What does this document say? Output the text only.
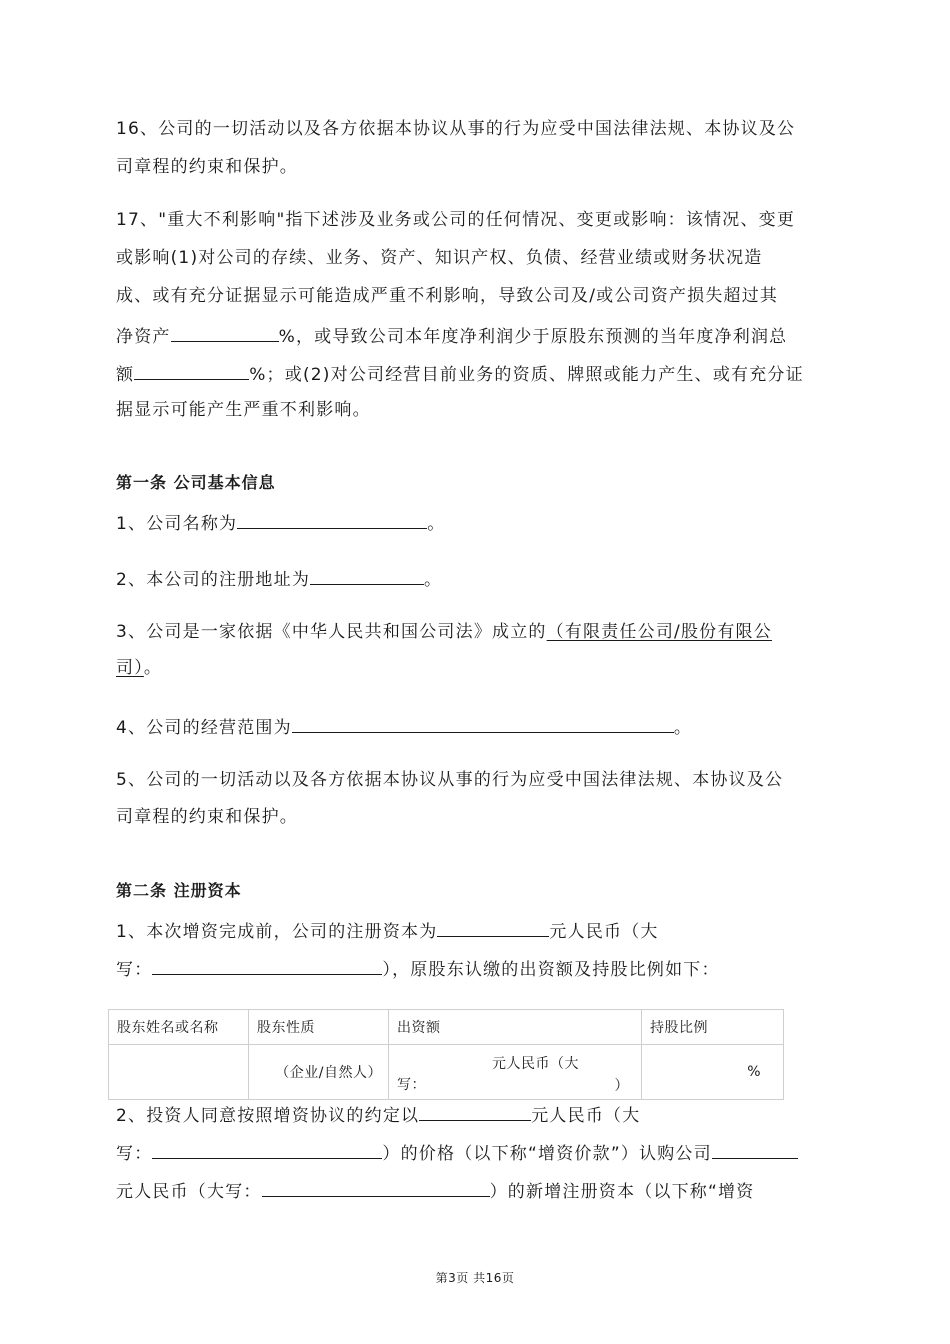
16、公司的一切活动以及各方依据本协议从事的行为应受中国法律法规、本协议及公
司章程的约束和保护。
17、"重大不利影响"指下述涉及业务或公司的任何情况、变更或影响：该情况、变更
或影响(1)对公司的存续、业务、资产、知识产权、负债、经营业绩或财务状况造
成、或有充分证据显示可能造成严重不利影响，导致公司及/或公司资产损失超过其
净资产	%，或导致公司本年度净利润少于原股东预测的当年度净利润总
额	%；或(2)对公司经营目前业务的资质、牌照或能力产生、或有充分证
据显示可能产生严重不利影响。
第一条 公司基本信息
1、公司名称为	。
2、本公司的注册地址为	。
3、公司是一家依据《中华人民共和国公司法》成立的（有限责任公司/股份有限公
司）。
4、公司的经营范围为	。
5、公司的一切活动以及各方依据本协议从事的行为应受中国法律法规、本协议及公
司章程的约束和保护。
第二条 注册资本
1、本次增资完成前，公司的注册资本为	元人民币（大
写：	），原股东认缴的出资额及持股比例如下：
股东姓名或名称	股东性质	出资额	持股比例
	（企业/自然人）	元人民币（大
写： ）	%
2、投资人同意按照增资协议的约定以	元人民币（大
写：	）的价格（以下称“增资价款”）认购公司
元人民币（大写：	）的新增注册资本（以下称“增资
第3页 共16页
